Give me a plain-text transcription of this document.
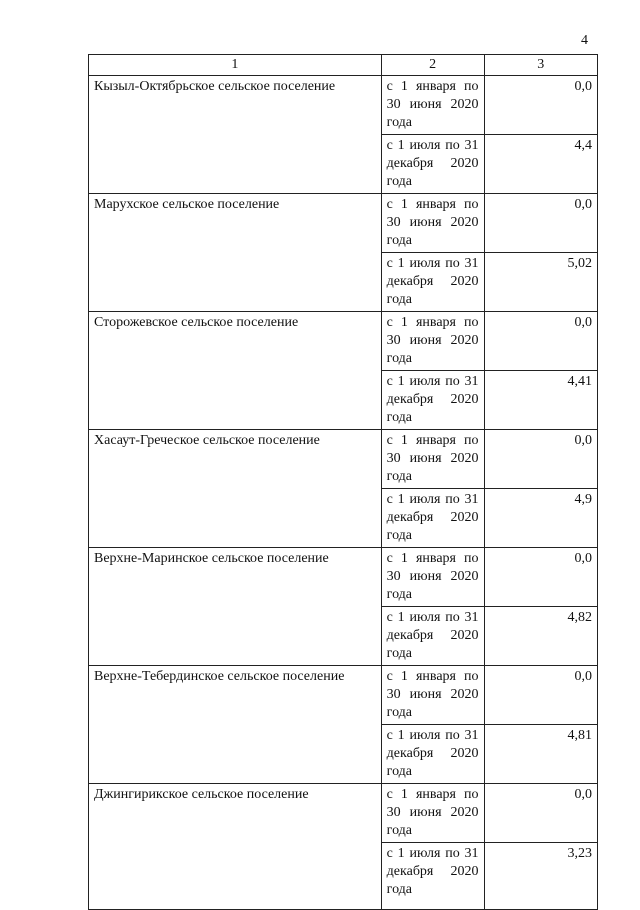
4
1	2	3
Кызыл-Октябрьское сельское поселение	с 1 января по 30 июня 2020 года	0,0
	с 1 июля по 31 декабря 2020 года	4,4
Марухское сельское поселение	с 1 января по 30 июня 2020 года	0,0
	с 1 июля по 31 декабря 2020 года	5,02
Сторожевское сельское поселение	с 1 января по 30 июня 2020 года	0,0
	с 1 июля по 31 декабря 2020 года	4,41
Хасаут-Греческое сельское поселение	с 1 января по 30 июня 2020 года	0,0
	с 1 июля по 31 декабря 2020 года	4,9
Верхне-Маринское сельское поселение	с 1 января по 30 июня 2020 года	0,0
	с 1 июля по 31 декабря 2020 года	4,82
Верхне-Тебердинское сельское поселение	с 1 января по 30 июня 2020 года	0,0
	с 1 июля по 31 декабря 2020 года	4,81
Джингирикское сельское поселение	с 1 января по 30 июня 2020 года	0,0
	с 1 июля по 31 декабря 2020 года	3,23
